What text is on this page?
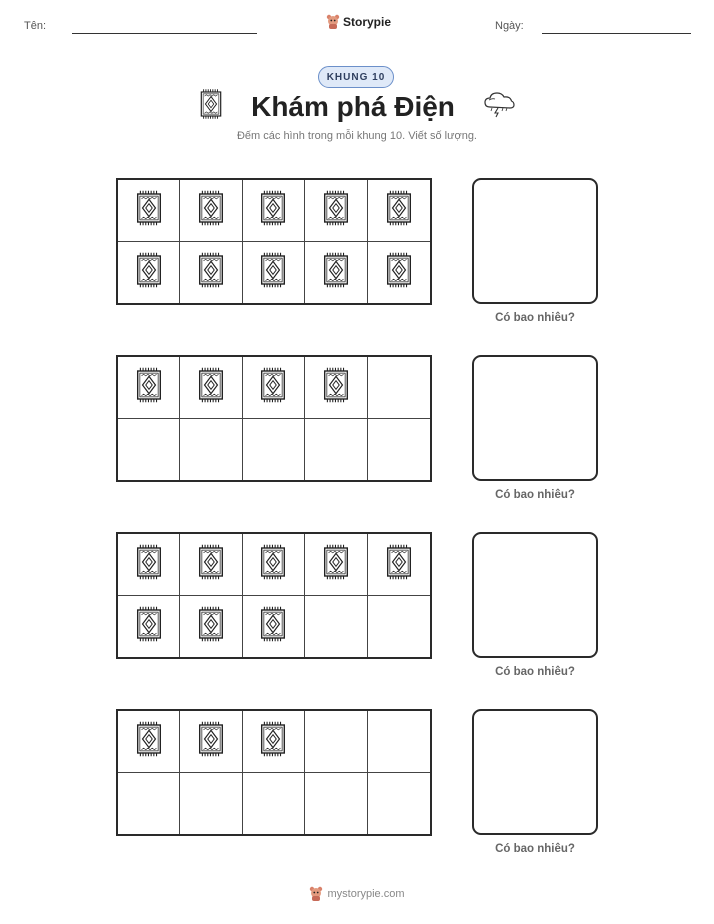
Tên:	Storypie	Ngày:
KHUNG 10
Khám phá Điện
Đếm các hình trong mỗi khung 10. Viết số lượng.
Có bao nhiêu?
Có bao nhiêu?
Có bao nhiêu?
Có bao nhiêu?
mystorypie.com
